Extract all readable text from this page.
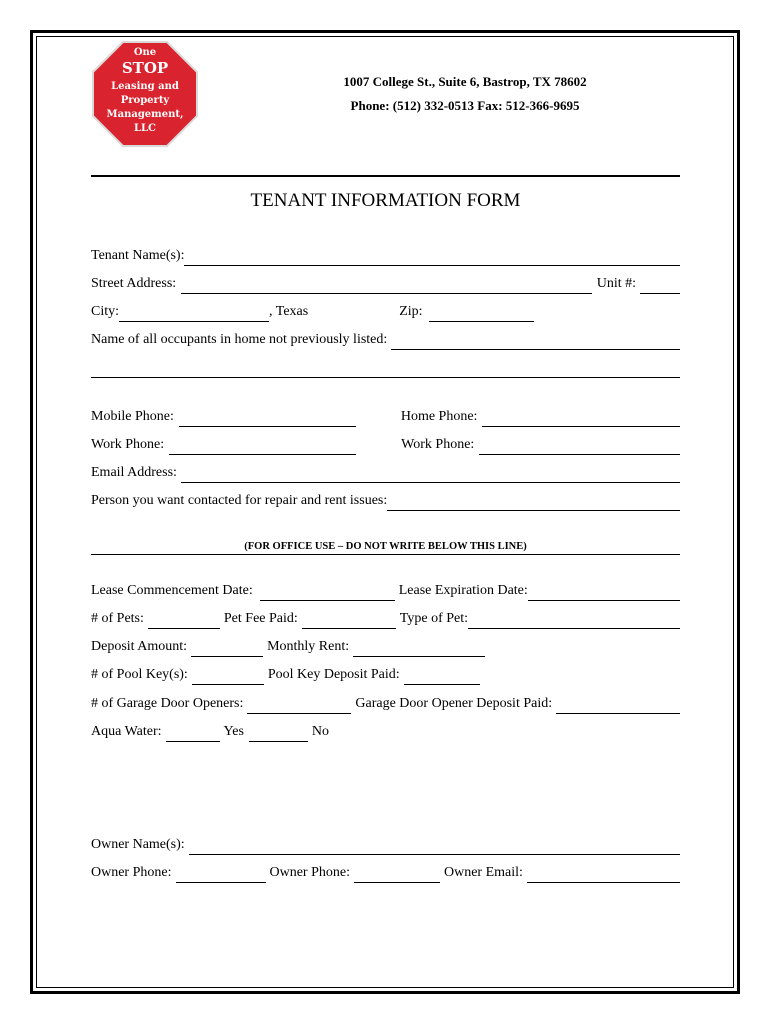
One
STOP
Leasing and
Property
Management,
LLC
1007 College St., Suite 6, Bastrop, TX 78602
Phone: (512) 332-0513 Fax: 512-366-9695
TENANT INFORMATION FORM
Tenant Name(s):
Street Address:	Unit #:
City:	, Texas	Zip:
Name of all occupants in home not previously listed:
Mobile Phone:	Home Phone:
Work Phone:	Work Phone:
Email Address:
Person you want contacted for repair and rent issues:
(FOR OFFICE USE – DO NOT WRITE BELOW THIS LINE)
Lease Commencement Date:	Lease Expiration Date:
# of Pets:	Pet Fee Paid:	Type of Pet:
Deposit Amount:	Monthly Rent:
# of Pool Key(s):	Pool Key Deposit Paid:
# of Garage Door Openers:	Garage Door Opener Deposit Paid:
Aqua Water:	Yes	No
Owner Name(s):
Owner Phone:	Owner Phone:	Owner Email:
